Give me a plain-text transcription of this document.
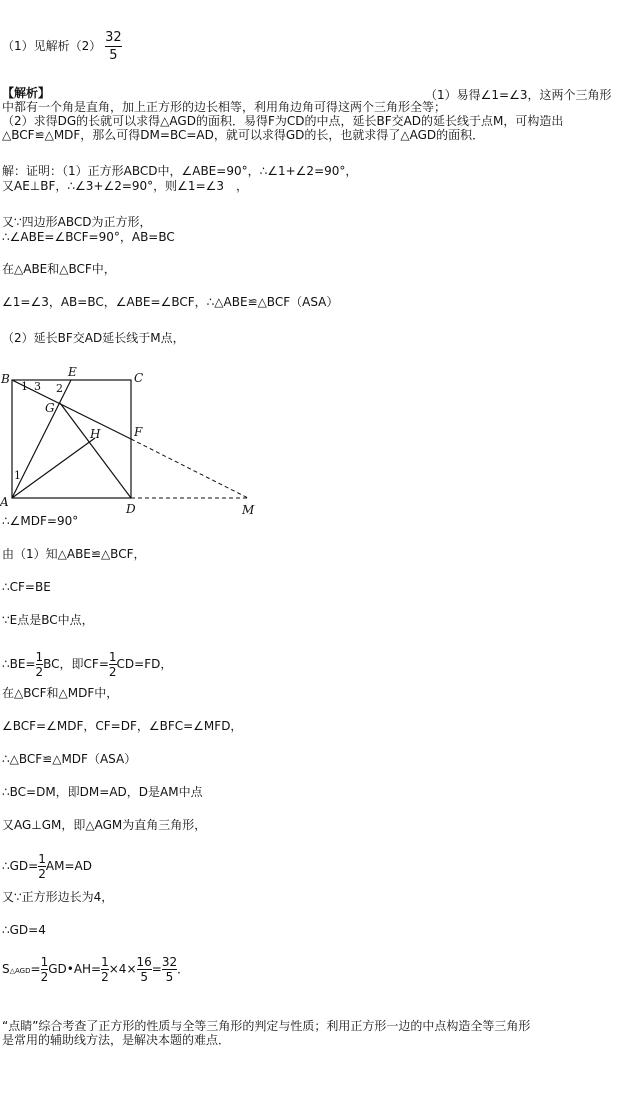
（1）见解析$(2) \frac{32}{5}$
【解析】	（1）易得∠1=∠3，这两个三角形
中都有一个角是直角，加上正方形的边长相等，利用角边角可得这两个三角形全等；
（2）求得DG的长就可以求得△AGD的面积．易得F为CD的中点，延长BF交AD的延长线于点M，可构造出
△BCF≌△MDF，那么可得DM=BC=AD，就可以求得GD的长，也就求得了△AGD的面积．
解：证明：（1）正方形ABCD中，∠ABE=90°，∴∠1+∠2=90°，
又AE⊥BF，∴∠3+∠2=90°，则∠1=∠3　，
又∵四边形ABCD为正方形，
∴∠ABE=∠BCF=90°，AB=BC
在△ABE和△BCF中，
∠1=∠3，AB=BC，∠ABE=∠BCF，∴△ABE≌△BCF（ASA）
（2）延长BF交AD延长线于M点，
B	E	C
G
H	F
A	D	M
1 3 2
1
∴∠MDF=90°
由（1）知△ABE≌△BCF，
∴CF=BE
∵E点是BC中点，
∴BE= $\frac{1}{2}$ BC，即$CF= \frac{1}{2} CD=FD$，
在△BCF和△MDF中，
∠BCF=∠MDF，CF=DF，∠BFC=∠MFD，
∴△BCF≌△MDF（ASA）
∴BC=DM，即DM=AD，D是AM中点
又AG⊥GM，即△AGM为直角三角形，
∴GD= $\frac{1}{2} AM=AD$
又∵正方形边长为4，
∴GD=4
S△AGD= $\frac{1}{2}$ GD•AH= $\frac{1}{2} \times 4\times \frac{16}{5} = \frac{32}{5}$ ．
“点睛”综合考查了正方形的性质与全等三角形的判定与性质；利用正方形一边的中点构造全等三角形
是常用的辅助线方法，是解决本题的难点．
